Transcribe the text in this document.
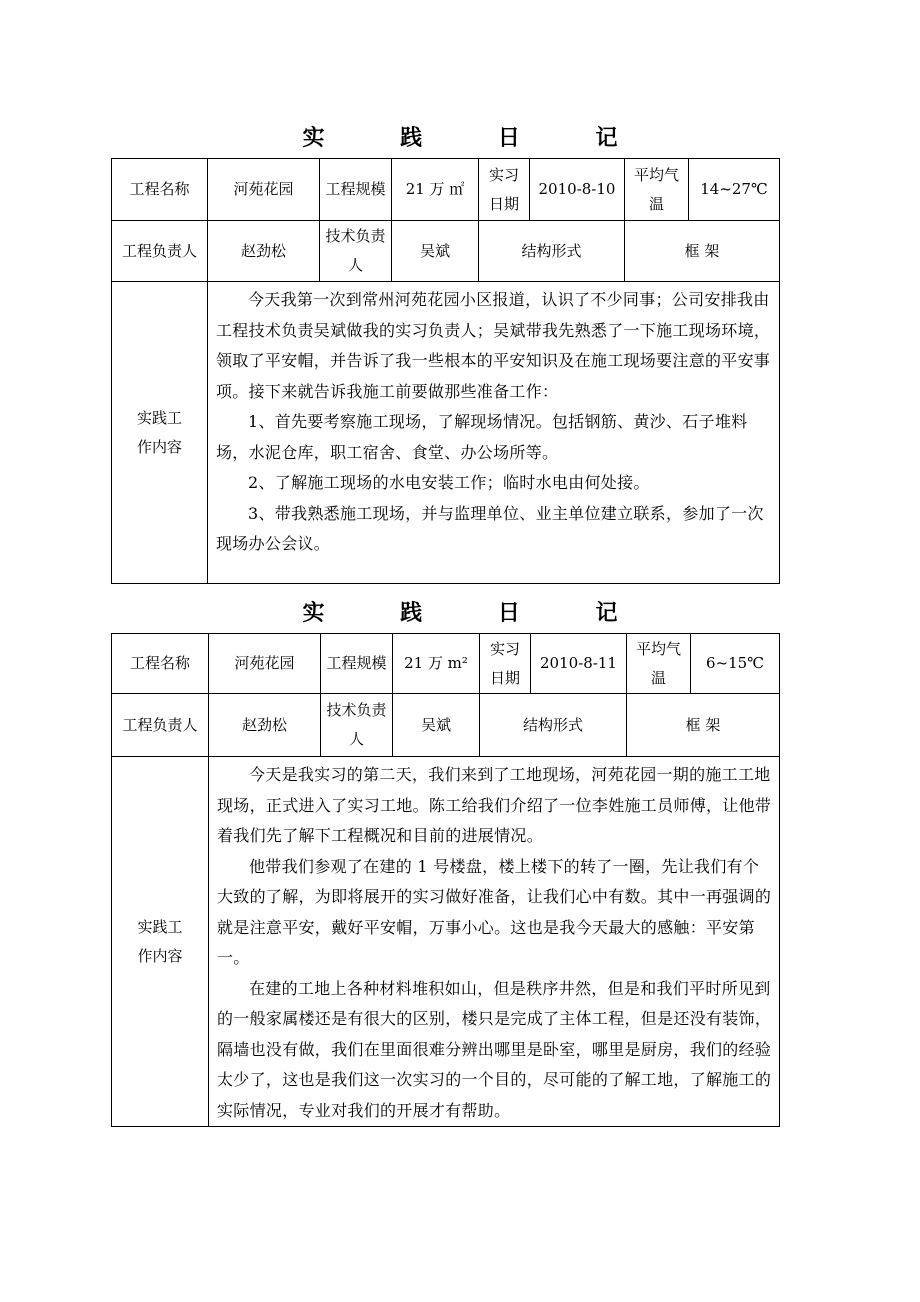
实 践 日 记
工程名称	河苑花园	工程规模	21 万 ㎡	实习日期	2010-8-10	平均气温	14~27℃
工程负责人	赵劲松	技术负责人	吴斌	结构形式		框 架	
实践工作内容	今天我第一次到常州河苑花园小区报道，认识了不少同事；公司安排我由工程技术负责吴斌做我的实习负责人；吴斌带我先熟悉了一下施工现场环境，领取了平安帽，并告诉了我一些根本的平安知识及在施工现场要注意的平安事项。接下来就告诉我施工前要做那些准备工作：

1、首先要考察施工现场，了解现场情况。包括钢筋、黄沙、石子堆料场，水泥仓库，职工宿舍、食堂、办公场所等。

2、了解施工现场的水电安装工作；临时水电由何处接。

3、带我熟悉施工现场，并与监理单位、业主单位建立联系，参加了一次现场办公会议。						

实 践 日 记
工程名称	河苑花园	工程规模	21 万 m²	实习日期	2010-8-11	平均气温	6~15℃
工程负责人	赵劲松	技术负责人	吴斌	结构形式		框 架	
实践工作内容	今天是我实习的第二天，我们来到了工地现场，河苑花园一期的施工工地现场，正式进入了实习工地。陈工给我们介绍了一位李姓施工员师傅，让他带着我们先了解下工程概况和目前的进展情况。

他带我们参观了在建的 1 号楼盘，楼上楼下的转了一圈，先让我们有个大致的了解，为即将展开的实习做好准备，让我们心中有数。其中一再强调的就是注意平安，戴好平安帽，万事小心。这也是我今天最大的感触：平安第一。

在建的工地上各种材料堆积如山，但是秩序井然，但是和我们平时所见到的一般家属楼还是有很大的区别，楼只是完成了主体工程，但是还没有装饰，隔墙也没有做，我们在里面很难分辨出哪里是卧室，哪里是厨房，我们的经验太少了，这也是我们这一次实习的一个目的，尽可能的了解工地，了解施工的实际情况，专业对我们的开展才有帮助。						
